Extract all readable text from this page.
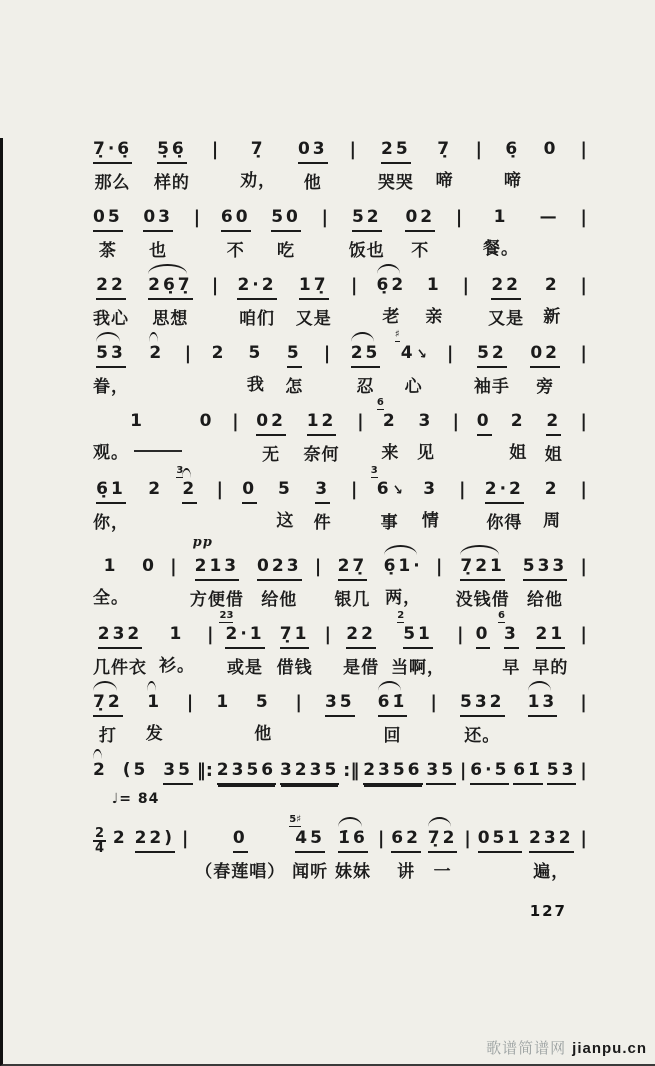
7̣·6̣
那么
5̣6̣
样的
| 7̣
劝，
03
他
| 25
哭哭
7̣
啼
| 6̣
啼
0 |
05
茶
03
也
| 60
不
50
吃
| 52
饭也
02
不
| 1
餐。
— |
22
我心
26̣7̣
思想
| 2·2
咱们
17̣
又是
| 6̣2
老
1
亲
| 22
又是
2
新
|
53
眷，
2 | 2 5
我
5
怎
| 25
忍
♯
4↘
心
| 52
袖手
02
旁
|
1
观。
0 | 02
无
12
奈何
|
6
2
来
3
见
| 0 2
姐
2
姐
|
6̣1
你，
2
3
2 | 0 5
这
3
件
|
3
6↘
事
3
情
| 2·2
你得
2
周
|
1
全。
0 |
pp
213
方便借
023
给他
| 27̣
银几
6̣1·
两，
| 7̣21
没钱借
533
给他
|
232
几件衣
1
衫。
|
23
2·1
或是
7̣1
借钱
| 22
是借
2
51
当啊，
| 0
6
3
早
21
早的
|
7̣2
打
1
发
| 1 5
他
| 35 61̇
回
| 532
还。
13 |
2 (5
♩= 84
35 ‖: 2356 3235 :‖ 2356 35 | 6·5 61̇ 53 |
2
4
2 22) |	0
（春莲唱）
5♯
45
闻听
1̇6
妹妹
| 62
讲
7̣2
一
| 051 232
遍，
|
127
歌谱简谱网 jianpu.cn
